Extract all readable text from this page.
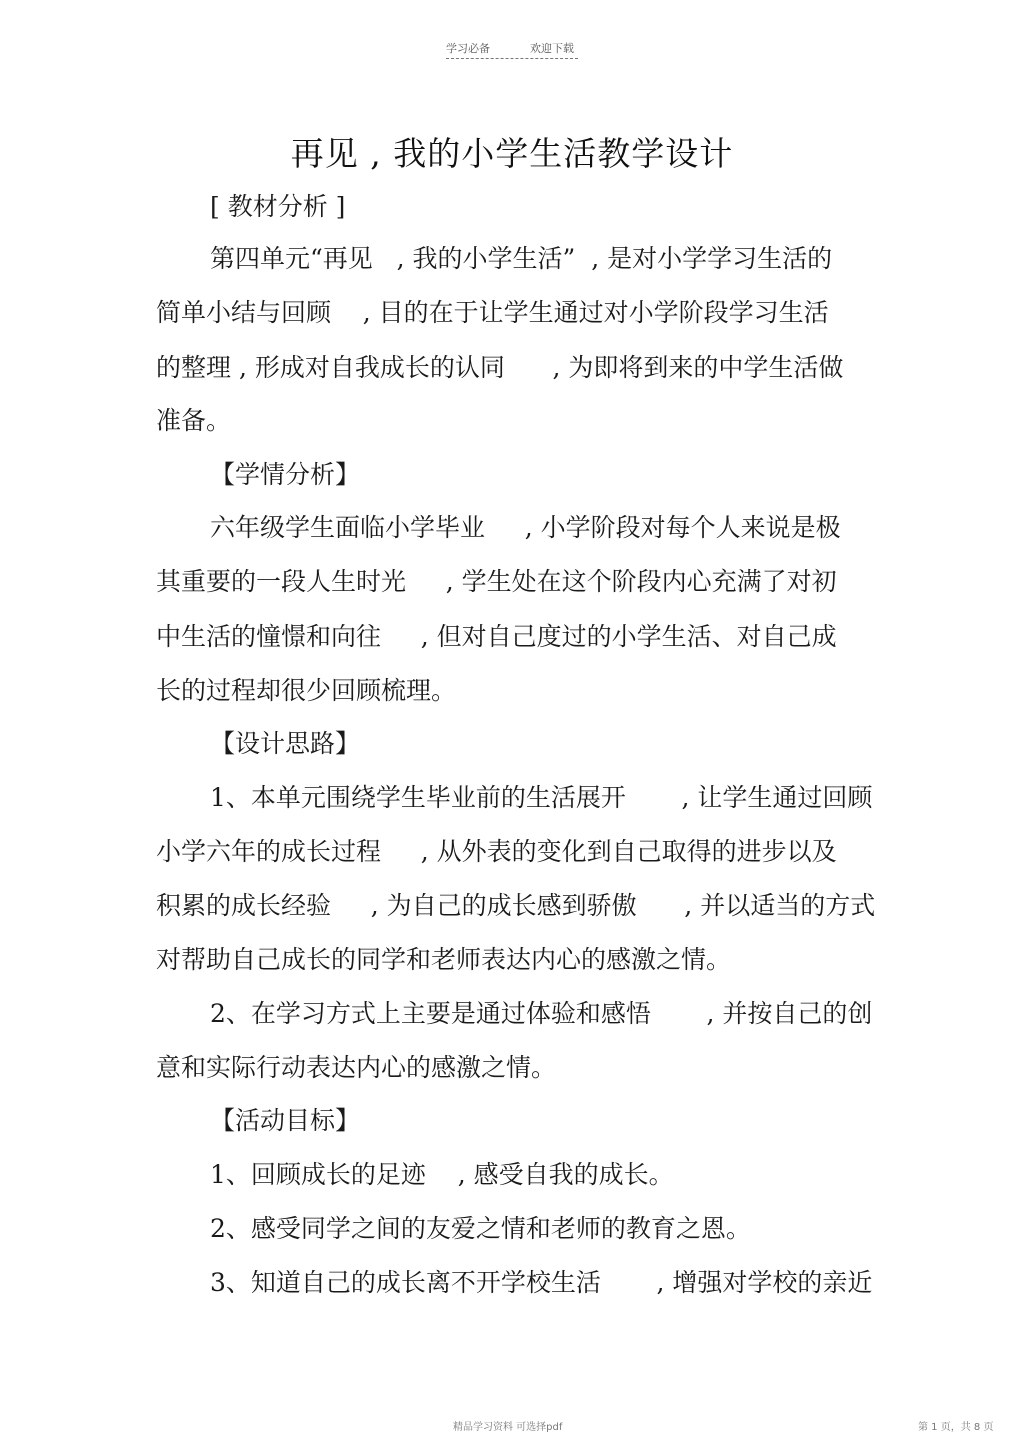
学习必备	欢迎下载
再见 , 我的小学生活教学设计
[ 教材分析 ]
第四单元“再见   , 我的小学生活”  , 是对小学学习生活的
简单小结与回顾    , 目的在于让学生通过对小学阶段学习生活
的整理 , 形成对自我成长的认同      , 为即将到来的中学生活做
准备。
【学情分析】
六年级学生面临小学毕业     , 小学阶段对每个人来说是极
其重要的一段人生时光     , 学生处在这个阶段内心充满了对初
中生活的憧憬和向往     , 但对自己度过的小学生活、对自己成
长的过程却很少回顾梳理。
【设计思路】
1、本单元围绕学生毕业前的生活展开       , 让学生通过回顾
小学六年的成长过程     , 从外表的变化到自己取得的进步以及
积累的成长经验     , 为自己的成长感到骄傲      , 并以适当的方式
对帮助自己成长的同学和老师表达内心的感激之情。
2、在学习方式上主要是通过体验和感悟       , 并按自己的创
意和实际行动表达内心的感激之情。
【活动目标】
1、回顾成长的足迹    , 感受自我的成长。
2、感受同学之间的友爱之情和老师的教育之恩。
3、知道自己的成长离不开学校生活       , 增强对学校的亲近
精品学习资料 可选择pdf	第 1 页，共 8 页
